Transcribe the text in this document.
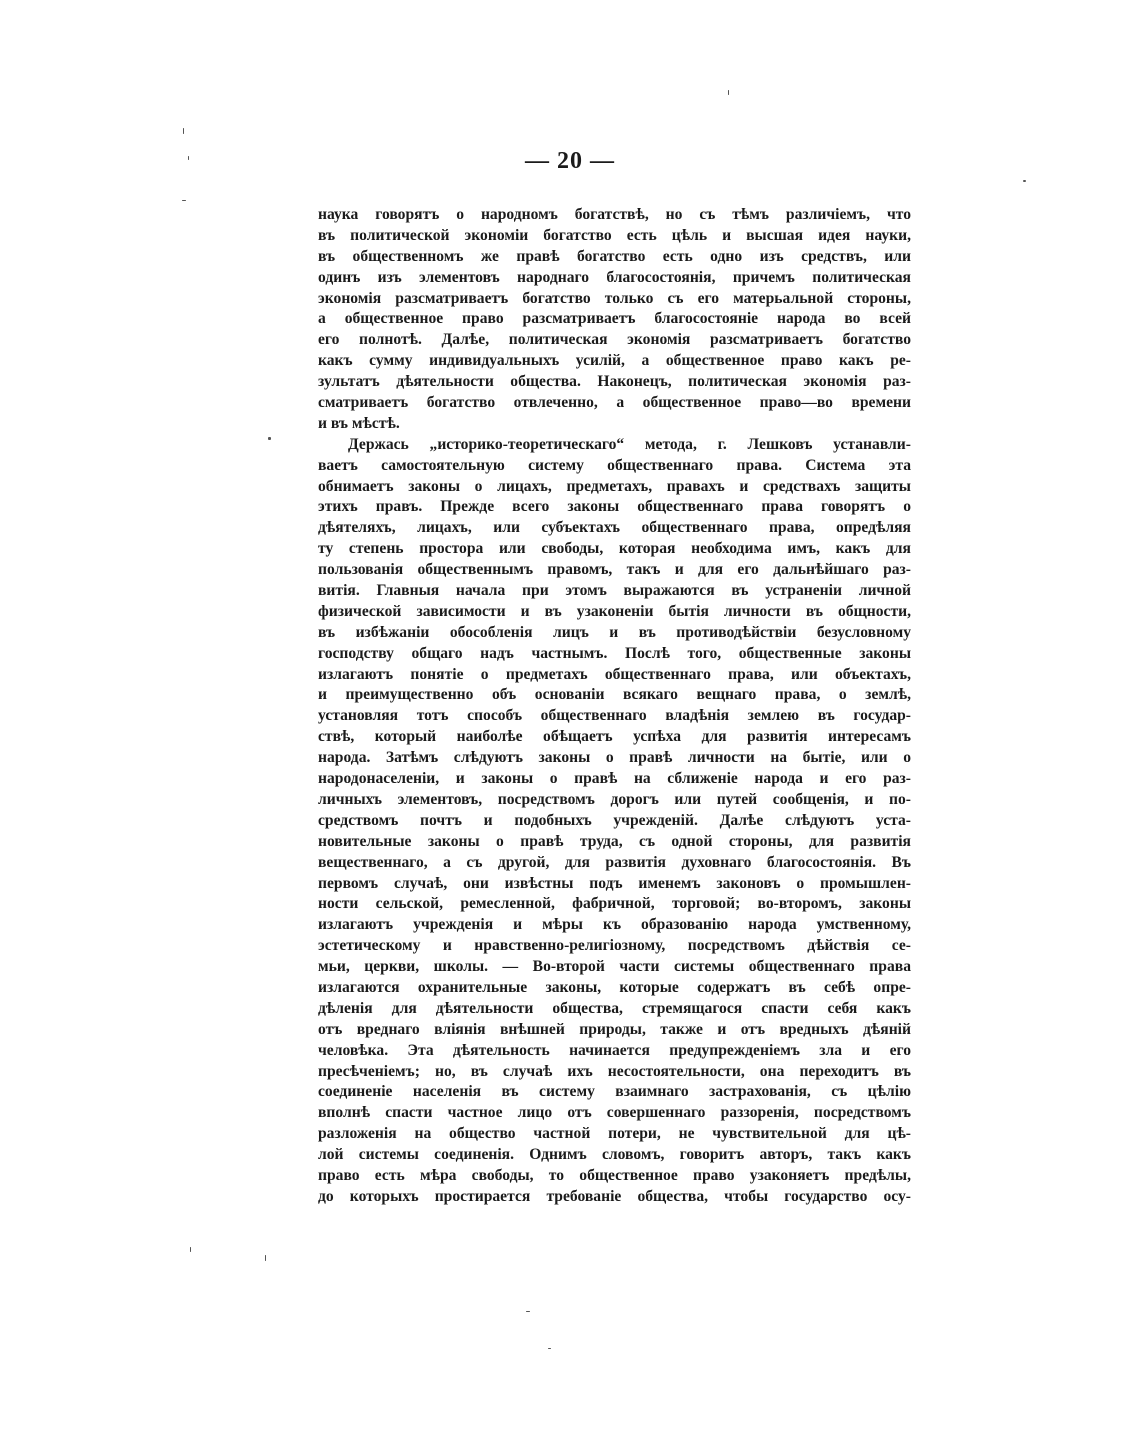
— 20 —
наука говорятъ о народномъ богатствѣ, но съ тѣмъ различіемъ, что
въ политической экономіи богатство есть цѣль и высшая идея науки,
въ общественномъ же правѣ богатство есть одно изъ средствъ, или
одинъ изъ элементовъ народнаго благосостоянія, причемъ политическая
экономія разсматриваетъ богатство только съ его матерьальной стороны,
а общественное право разсматриваетъ благосостояніе народа во всей
его полнотѣ. Далѣе, политическая экономія разсматриваетъ богатство
какъ сумму индивидуальныхъ усилій, а общественное право какъ ре-
зультатъ дѣятельности общества. Наконецъ, политическая экономія раз-
сматриваетъ богатство отвлеченно, а общественное право—во времени
и въ мѣстѣ.
Держась „историко-теоретическаго“ метода, г. Лешковъ устанавли-
ваетъ самостоятельную систему общественнаго права. Система эта
обнимаетъ законы о лицахъ, предметахъ, правахъ и средствахъ защиты
этихъ правъ. Прежде всего законы общественнаго права говорятъ о
дѣятеляхъ, лицахъ, или субъектахъ общественнаго права, опредѣляя
ту степень простора или свободы, которая необходима имъ, какъ для
пользованія общественнымъ правомъ, такъ и для его дальнѣйшаго раз-
витія. Главныя начала при этомъ выражаются въ устраненіи личной
физической зависимости и въ узаконеніи бытія личности въ общности,
въ избѣжаніи обособленія лицъ и въ противодѣйствіи безусловному
господству общаго надъ частнымъ. Послѣ того, общественные законы
излагаютъ понятіе о предметахъ общественнаго права, или объектахъ,
и преимущественно объ основаніи всякаго вещнаго права, о землѣ,
установляя тотъ способъ общественнаго владѣнія землею въ государ-
ствѣ, который наиболѣе обѣщаетъ успѣха для развитія интересамъ
народа. Затѣмъ слѣдуютъ законы о правѣ личности на бытіе, или о
народонаселеніи, и законы о правѣ на сближеніе народа и его раз-
личныхъ элементовъ, посредствомъ дорогъ или путей сообщенія, и по-
средствомъ почтъ и подобныхъ учрежденій. Далѣе слѣдуютъ уста-
новительные законы о правѣ труда, съ одной стороны, для развитія
вещественнаго, а съ другой, для развитія духовнаго благосостоянія. Въ
первомъ случаѣ, они извѣстны подъ именемъ законовъ о промышлен-
ности сельской, ремесленной, фабричной, торговой; во-второмъ, законы
излагаютъ учрежденія и мѣры къ образованію народа умственному,
эстетическому и нравственно-религіозному, посредствомъ дѣйствія се-
мьи, церкви, школы. — Во-второй части системы общественнаго права
излагаются охранительные законы, которые содержатъ въ себѣ опре-
дѣленія для дѣятельности общества, стремящагося спасти себя какъ
отъ вреднаго вліянія внѣшней природы, также и отъ вредныхъ дѣяній
человѣка. Эта дѣятельность начинается предупрежденіемъ зла и его
пресѣченіемъ; но, въ случаѣ ихъ несостоятельности, она переходитъ въ
соединеніе населенія въ систему взаимнаго застрахованія, съ цѣлію
вполнѣ спасти частное лицо отъ совершеннаго раззоренія, посредствомъ
разложенія на общество частной потери, не чувствительной для цѣ-
лой системы соединенія. Однимъ словомъ, говоритъ авторъ, такъ какъ
право есть мѣра свободы, то общественное право узаконяетъ предѣлы,
до которыхъ простирается требованіе общества, чтобы государство осу-
